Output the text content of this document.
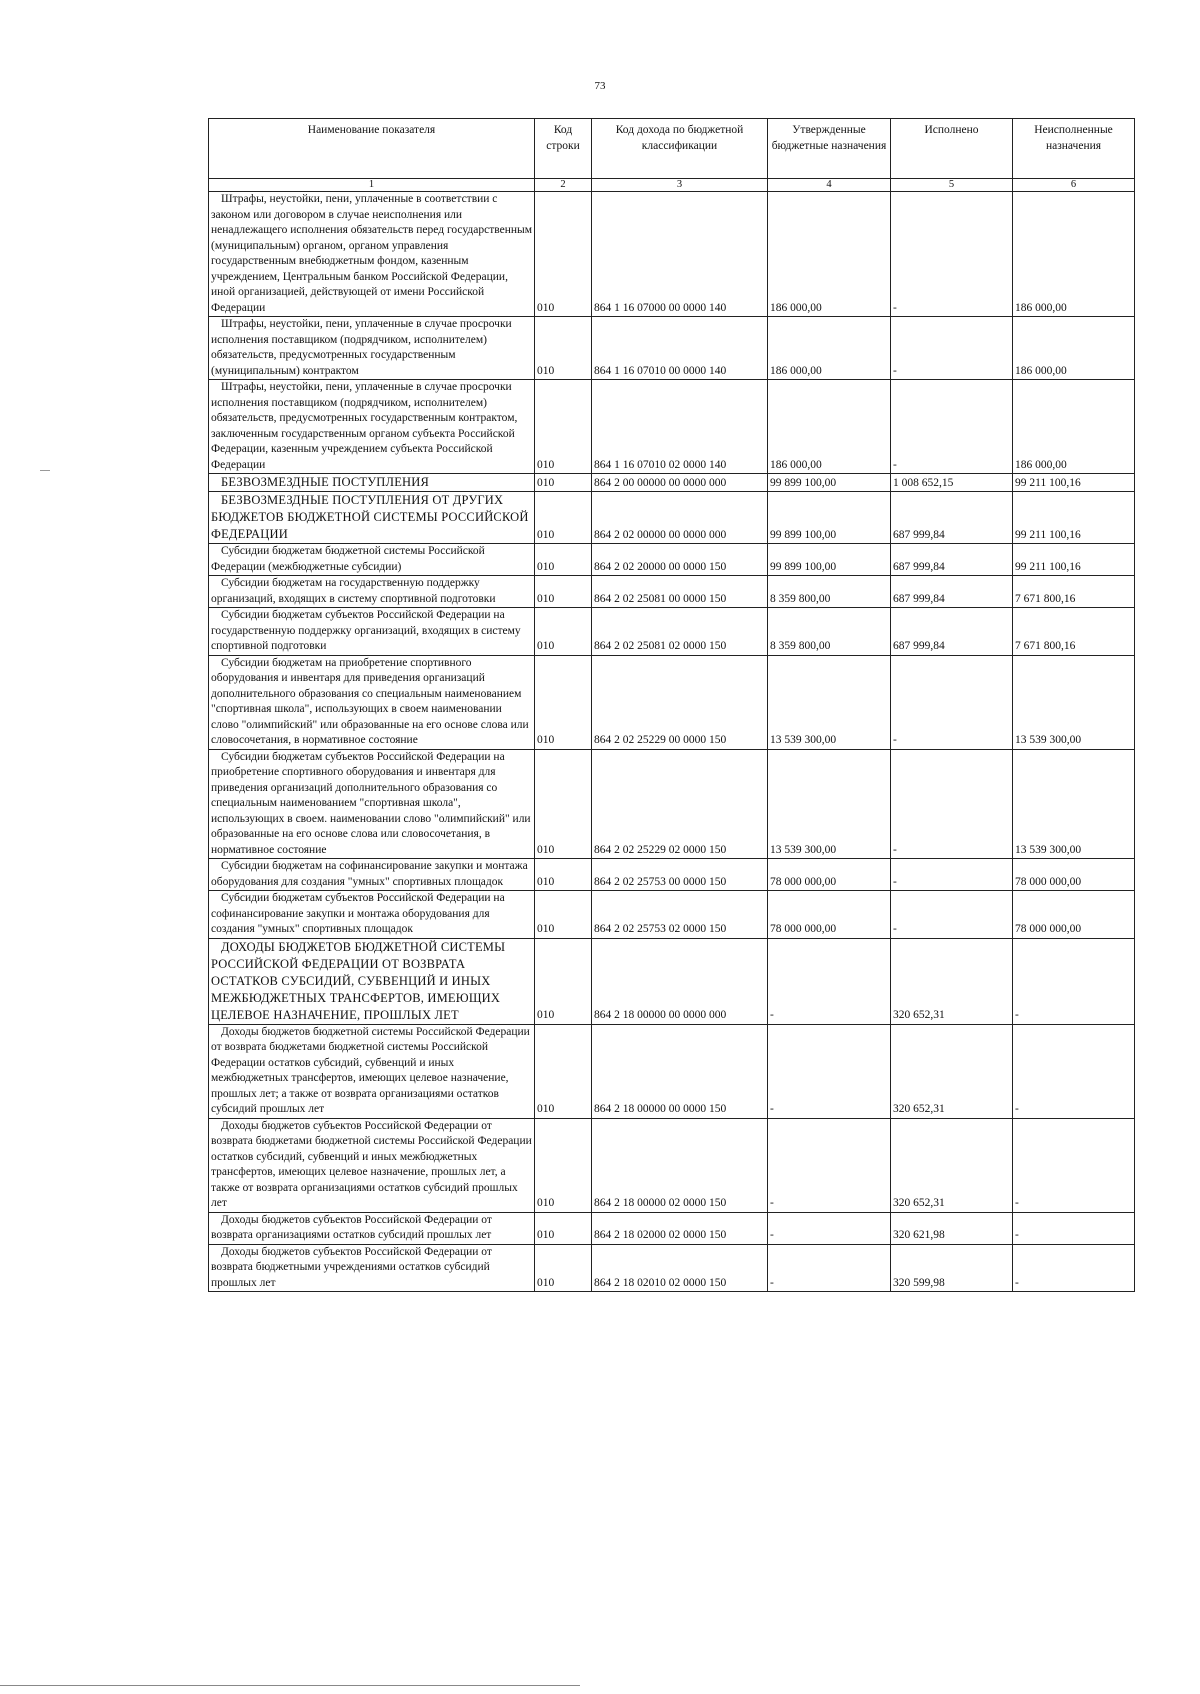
73
Наименование показателя	Код строки	Код дохода по бюджетной классификации	Утвержденные бюджетные назначения	Исполнено	Неисполненные назначения
1	2	3	4	5	6
Штрафы, неустойки, пени, уплаченные в соответствии с законом или договором в случае неисполнения или ненадлежащего исполнения обязательств перед государственным (муниципальным) органом, органом управления государственным внебюджетным фондом, казенным учреждением, Центральным банком Российской Федерации, иной организацией, действующей от имени Российской Федерации	010	864 1 16 07000 00 0000 140	186 000,00	-	186 000,00
Штрафы, неустойки, пени, уплаченные в случае просрочки исполнения поставщиком (подрядчиком, исполнителем) обязательств, предусмотренных государственным (муниципальным) контрактом	010	864 1 16 07010 00 0000 140	186 000,00	-	186 000,00
Штрафы, неустойки, пени, уплаченные в случае просрочки исполнения поставщиком (подрядчиком, исполнителем) обязательств, предусмотренных государственным контрактом, заключенным государственным органом субъекта Российской Федерации, казенным учреждением субъекта Российской Федерации	010	864 1 16 07010 02 0000 140	186 000,00	-	186 000,00
БЕЗВОЗМЕЗДНЫЕ ПОСТУПЛЕНИЯ	010	864 2 00 00000 00 0000 000	99 899 100,00	1 008 652,15	99 211 100,16
БЕЗВОЗМЕЗДНЫЕ ПОСТУПЛЕНИЯ ОТ ДРУГИХ БЮДЖЕТОВ БЮДЖЕТНОЙ СИСТЕМЫ РОССИЙСКОЙ ФЕДЕРАЦИИ	010	864 2 02 00000 00 0000 000	99 899 100,00	687 999,84	99 211 100,16
Субсидии бюджетам бюджетной системы Российской Федерации (межбюджетные субсидии)	010	864 2 02 20000 00 0000 150	99 899 100,00	687 999,84	99 211 100,16
Субсидии бюджетам на государственную поддержку организаций, входящих в систему спортивной подготовки	010	864 2 02 25081 00 0000 150	8 359 800,00	687 999,84	7 671 800,16
Субсидии бюджетам субъектов Российской Федерации на государственную поддержку организаций, входящих в систему спортивной подготовки	010	864 2 02 25081 02 0000 150	8 359 800,00	687 999,84	7 671 800,16
Субсидии бюджетам на приобретение спортивного оборудования и инвентаря для приведения организаций дополнительного образования со специальным наименованием "спортивная школа", использующих в своем наименовании слово "олимпийский" или образованные на его основе слова или словосочетания, в нормативное состояние	010	864 2 02 25229 00 0000 150	13 539 300,00	-	13 539 300,00
Субсидии бюджетам субъектов Российской Федерации на приобретение спортивного оборудования и инвентаря для приведения организаций дополнительного образования со специальным наименованием "спортивная школа", использующих в своем. наименовании слово "олимпийский" или образованные на его основе слова или словосочетания, в нормативное состояние	010	864 2 02 25229 02 0000 150	13 539 300,00	-	13 539 300,00
Субсидии бюджетам на софинансирование закупки и монтажа оборудования для создания "умных" спортивных площадок	010	864 2 02 25753 00 0000 150	78 000 000,00	-	78 000 000,00
Субсидии бюджетам субъектов Российской Федерации на софинансирование закупки и монтажа оборудования для создания "умных" спортивных площадок	010	864 2 02 25753 02 0000 150	78 000 000,00	-	78 000 000,00
ДОХОДЫ БЮДЖЕТОВ БЮДЖЕТНОЙ СИСТЕМЫ РОССИЙСКОЙ ФЕДЕРАЦИИ ОТ ВОЗВРАТА ОСТАТКОВ СУБСИДИЙ, СУБВЕНЦИЙ И ИНЫХ МЕЖБЮДЖЕТНЫХ ТРАНСФЕРТОВ, ИМЕЮЩИХ ЦЕЛЕВОЕ НАЗНАЧЕНИЕ, ПРОШЛЫХ ЛЕТ	010	864 2 18 00000 00 0000 000	-	320 652,31	-
Доходы бюджетов бюджетной системы Российской Федерации от возврата бюджетами бюджетной системы Российской Федерации остатков субсидий, субвенций и иных межбюджетных трансфертов, имеющих целевое назначение, прошлых лет; а также от возврата организациями остатков субсидий прошлых лет	010	864 2 18 00000 00 0000 150	-	320 652,31	-
Доходы бюджетов субъектов Российской Федерации от возврата бюджетами бюджетной системы Российской Федерации остатков субсидий, субвенций и иных межбюджетных трансфертов, имеющих целевое назначение, прошлых лет, а также от возврата организациями остатков субсидий прошлых лет	010	864 2 18 00000 02 0000 150	-	320 652,31	-
Доходы бюджетов субъектов Российской Федерации от возврата организациями остатков субсидий прошлых лет	010	864 2 18 02000 02 0000 150	-	320 621,98	-
Доходы бюджетов субъектов Российской Федерации от возврата бюджетными учреждениями остатков субсидий прошлых лет	010	864 2 18 02010 02 0000 150	-	320 599,98	-
